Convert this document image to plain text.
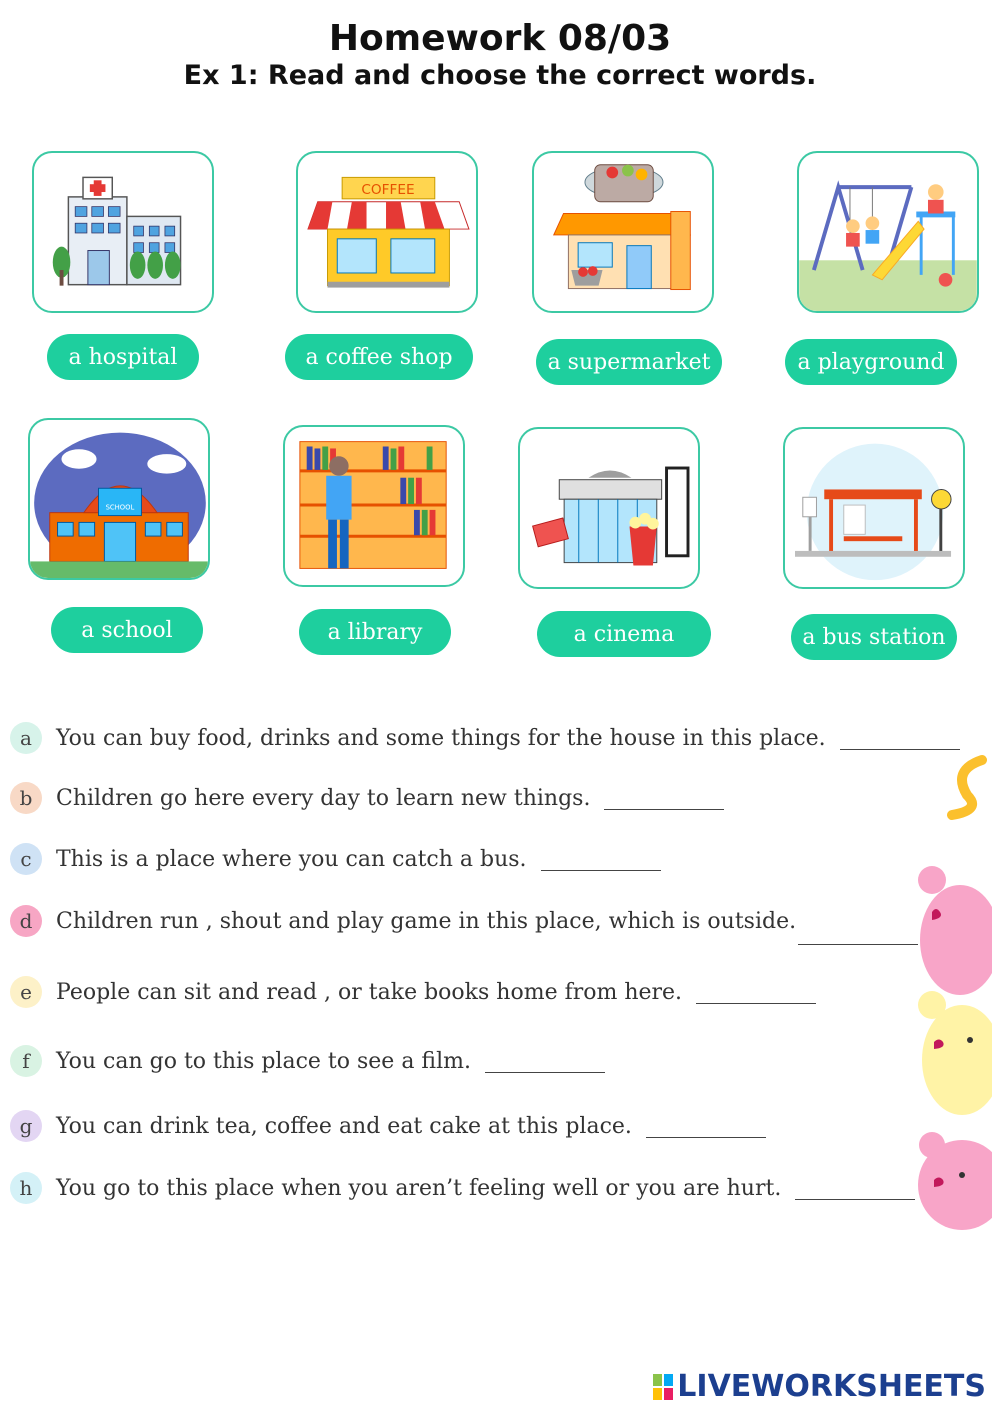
Homework 08/03
Ex 1: Read and choose the correct words.
a hospital
COFFEE
a coffee shop	a supermarket	a playground
SCHOOL
a school	a library	a cinema	a bus station
a	You can buy food, drinks and some things for the house in this place.
b	Children go here every day to learn new things.
c	This is a place where you can catch a bus.
d	Children run , shout and play game in this place, which is outside.
e	People can sit and read , or take books home from here.
f	You can go to this place to see a film.
g	You can drink tea, coffee and eat cake at this place.
h	You go to this place when you aren’t feeling well or you are hurt.
LIVEWORKSHEETS
